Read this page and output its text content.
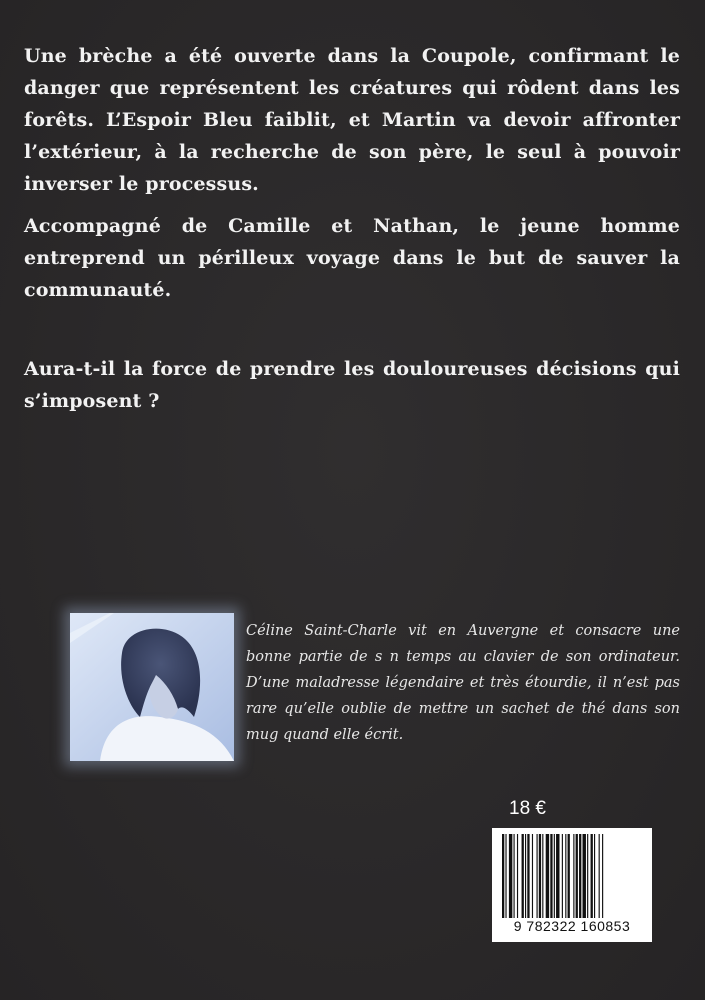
Une brèche a été ouverte dans la Coupole, confirmant le danger que représentent les créatures qui rôdent dans les forêts. L’Espoir Bleu faiblit, et Martin va devoir affronter l’extérieur, à la recherche de son père, le seul à pouvoir inverser le processus.

Accompagné de Camille et Nathan, le jeune homme entreprend un périlleux voyage dans le but de sauver la communauté.

Aura-t-il la force de prendre les douloureuses décisions qui s’imposent ?

Céline Saint-Charle vit en Auvergne et consacre une bonne partie de s n temps au clavier de son ordinateur. D’une maladresse légendaire et très étourdie, il n’est pas rare qu’elle oublie de mettre un sachet de thé dans son mug quand elle écrit.
18 €
9 782322 160853
